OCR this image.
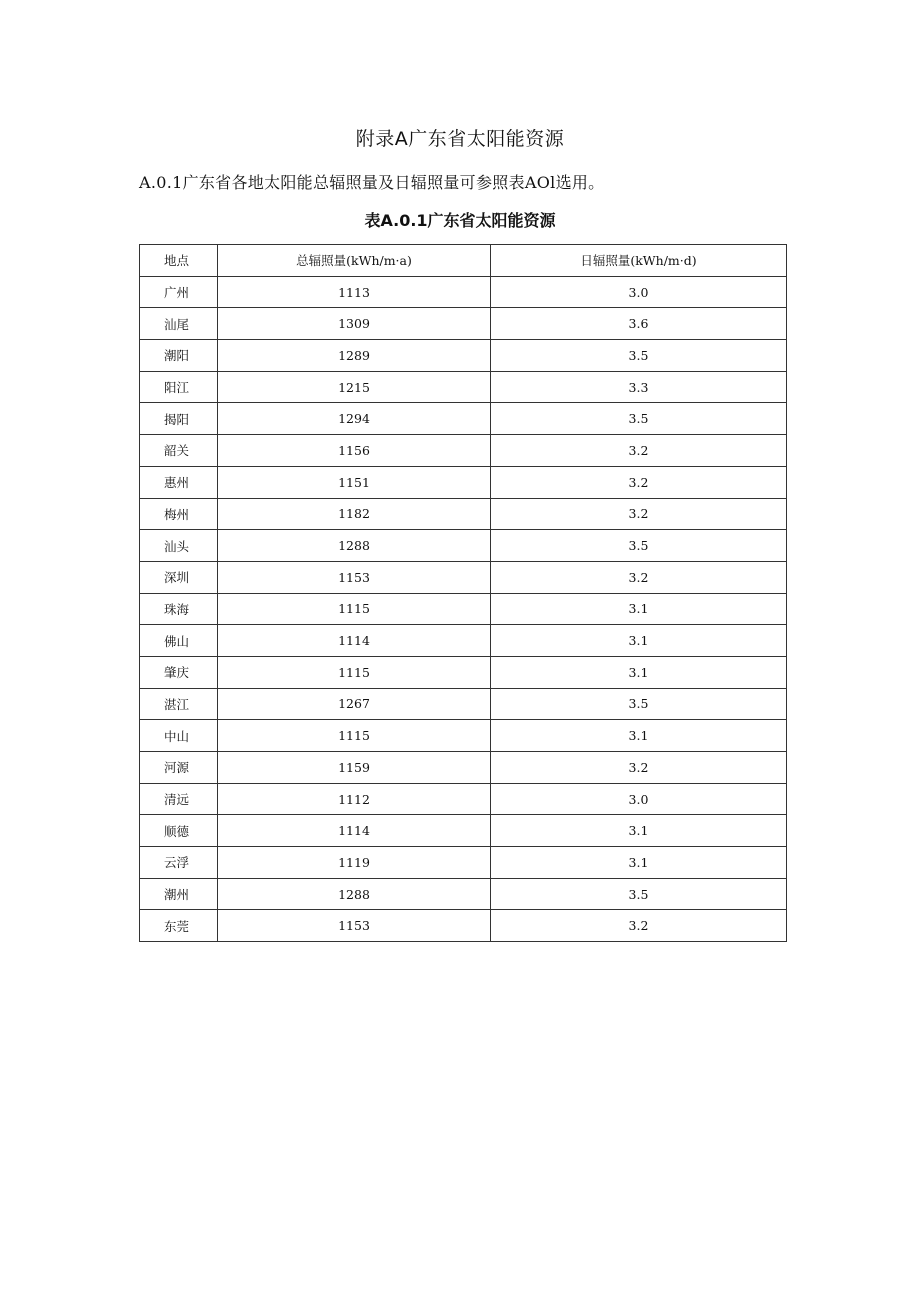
附录A广东省太阳能资源
A.0.1广东省各地太阳能总辐照量及日辐照量可参照表AOl选用。
表A.0.1广东省太阳能资源
地点	总辐照量(kWh/m·a)	日辐照量(kWh/m·d)
广州	1113	3.0
汕尾	1309	3.6
潮阳	1289	3.5
阳江	1215	3.3
揭阳	1294	3.5
韶关	1156	3.2
惠州	1151	3.2
梅州	1182	3.2
汕头	1288	3.5
深圳	1153	3.2
珠海	1115	3.1
佛山	1114	3.1
肇庆	1115	3.1
湛江	1267	3.5
中山	1115	3.1
河源	1159	3.2
清远	1112	3.0
顺德	1114	3.1
云浮	1119	3.1
潮州	1288	3.5
东莞	1153	3.2
